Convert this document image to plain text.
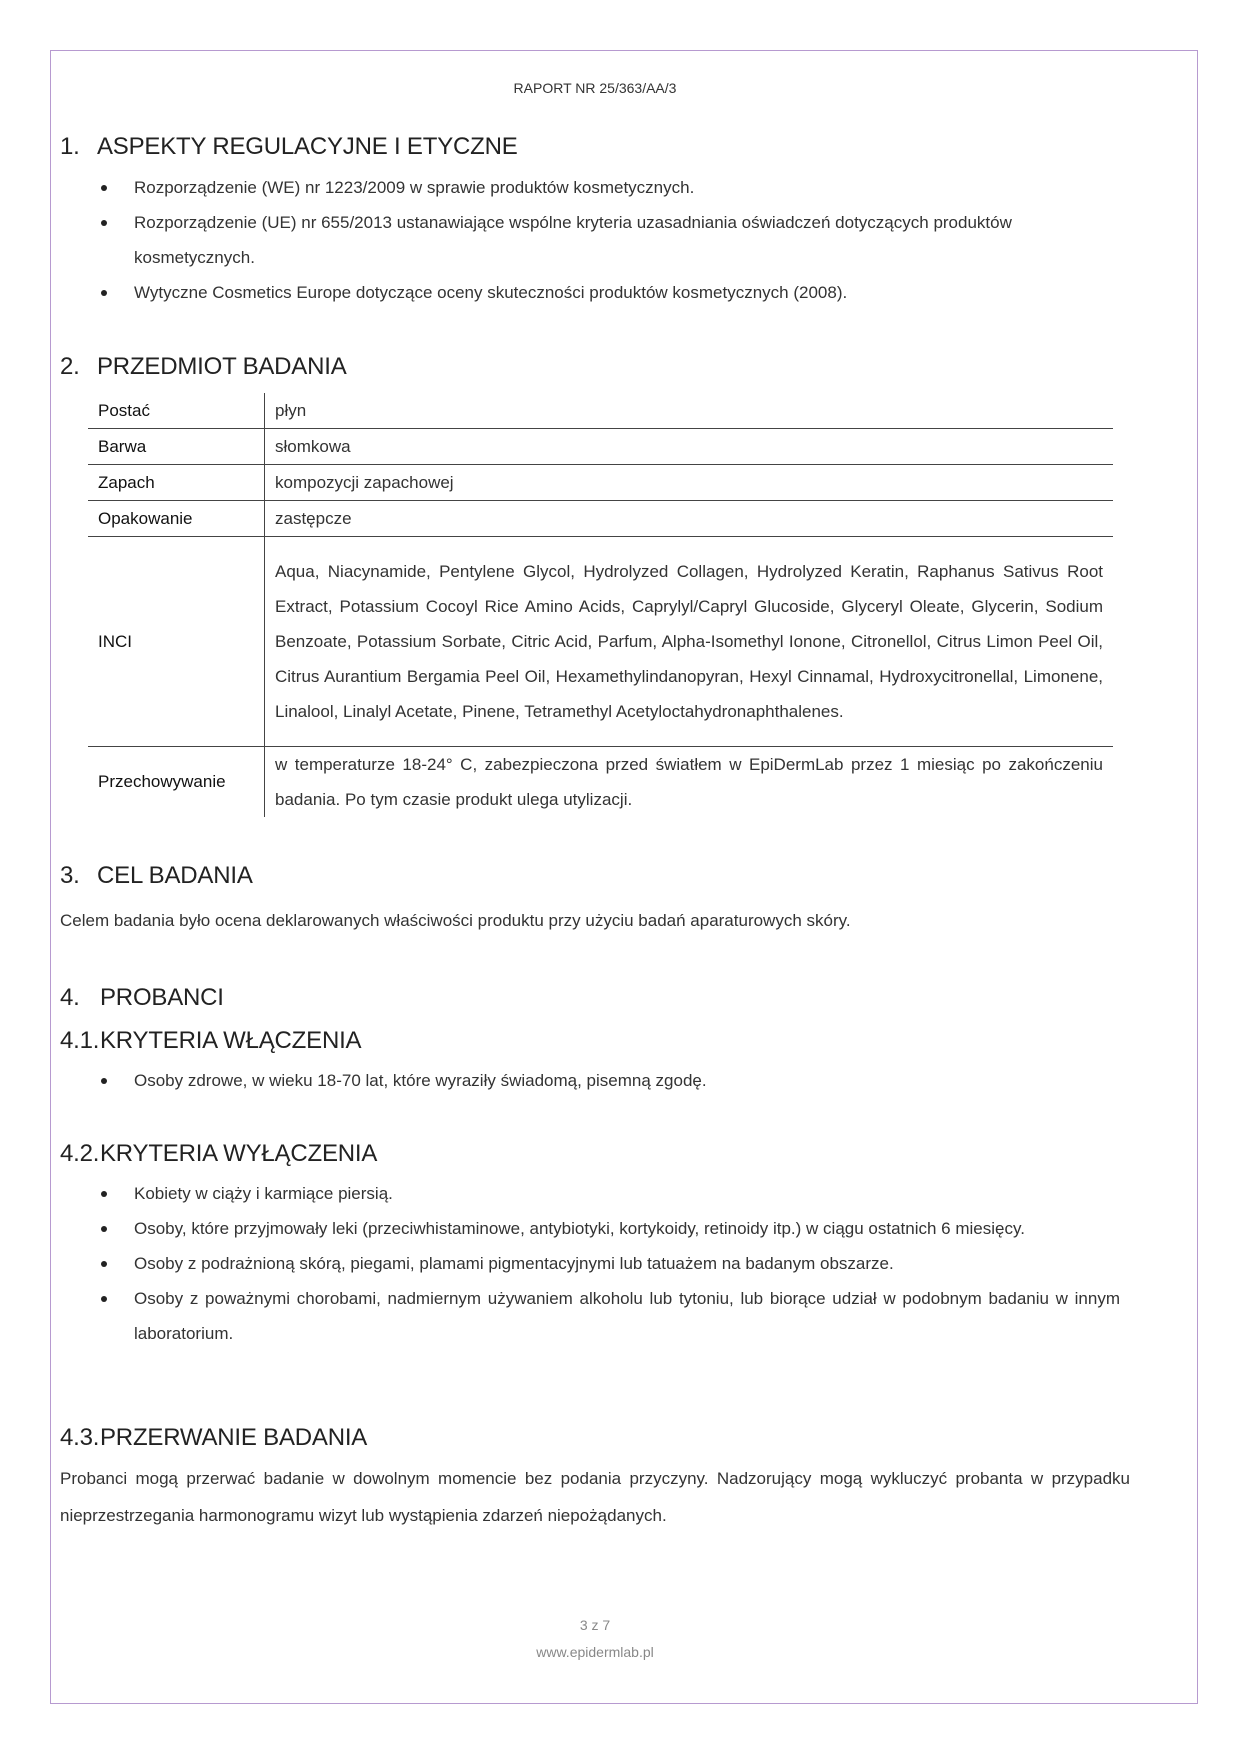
RAPORT NR 25/363/AA/3
1. ASPEKTY REGULACYJNE I ETYCZNE
Rozporządzenie (WE) nr 1223/2009 w sprawie produktów kosmetycznych.
Rozporządzenie (UE) nr 655/2013 ustanawiające wspólne kryteria uzasadniania oświadczeń dotyczących produktów kosmetycznych.
Wytyczne Cosmetics Europe dotyczące oceny skuteczności produktów kosmetycznych (2008).
2. PRZEDMIOT BADANIA
Postać	płyn
Barwa	słomkowa
Zapach	kompozycji zapachowej
Opakowanie	zastępcze
INCI	Aqua, Niacynamide, Pentylene Glycol, Hydrolyzed Collagen, Hydrolyzed Keratin, Raphanus Sativus Root Extract, Potassium Cocoyl Rice Amino Acids, Caprylyl/Capryl Glucoside, Glyceryl Oleate, Glycerin, Sodium Benzoate, Potassium Sorbate, Citric Acid, Parfum, Alpha-Isomethyl Ionone, Citronellol, Citrus Limon Peel Oil, Citrus Aurantium Bergamia Peel Oil, Hexamethylindanopyran, Hexyl Cinnamal, Hydroxycitronellal, Limonene, Linalool, Linalyl Acetate, Pinene, Tetramethyl Acetyloctahydronaphthalenes.
Przechowywanie	w temperaturze 18-24° C, zabezpieczona przed światłem w EpiDermLab przez 1 miesiąc po zakończeniu badania. Po tym czasie produkt ulega utylizacji.
3. CEL BADANIA
Celem badania było ocena deklarowanych właściwości produktu przy użyciu badań aparaturowych skóry.
4. PROBANCI
4.1.KRYTERIA WŁĄCZENIA
Osoby zdrowe, w wieku 18-70 lat, które wyraziły świadomą, pisemną zgodę.
4.2.KRYTERIA WYŁĄCZENIA
Kobiety w ciąży i karmiące piersią.
Osoby, które przyjmowały leki (przeciwhistaminowe, antybiotyki, kortykoidy, retinoidy itp.) w ciągu ostatnich 6 miesięcy.
Osoby z podrażnioną skórą, piegami, plamami pigmentacyjnymi lub tatuażem na badanym obszarze.
Osoby z poważnymi chorobami, nadmiernym używaniem alkoholu lub tytoniu, lub biorące udział w podobnym badaniu w innym laboratorium.
4.3.PRZERWANIE BADANIA
Probanci mogą przerwać badanie w dowolnym momencie bez podania przyczyny. Nadzorujący mogą wykluczyć probanta w przypadku nieprzestrzegania harmonogramu wizyt lub wystąpienia zdarzeń niepożądanych.
3 z 7
www.epidermlab.pl
